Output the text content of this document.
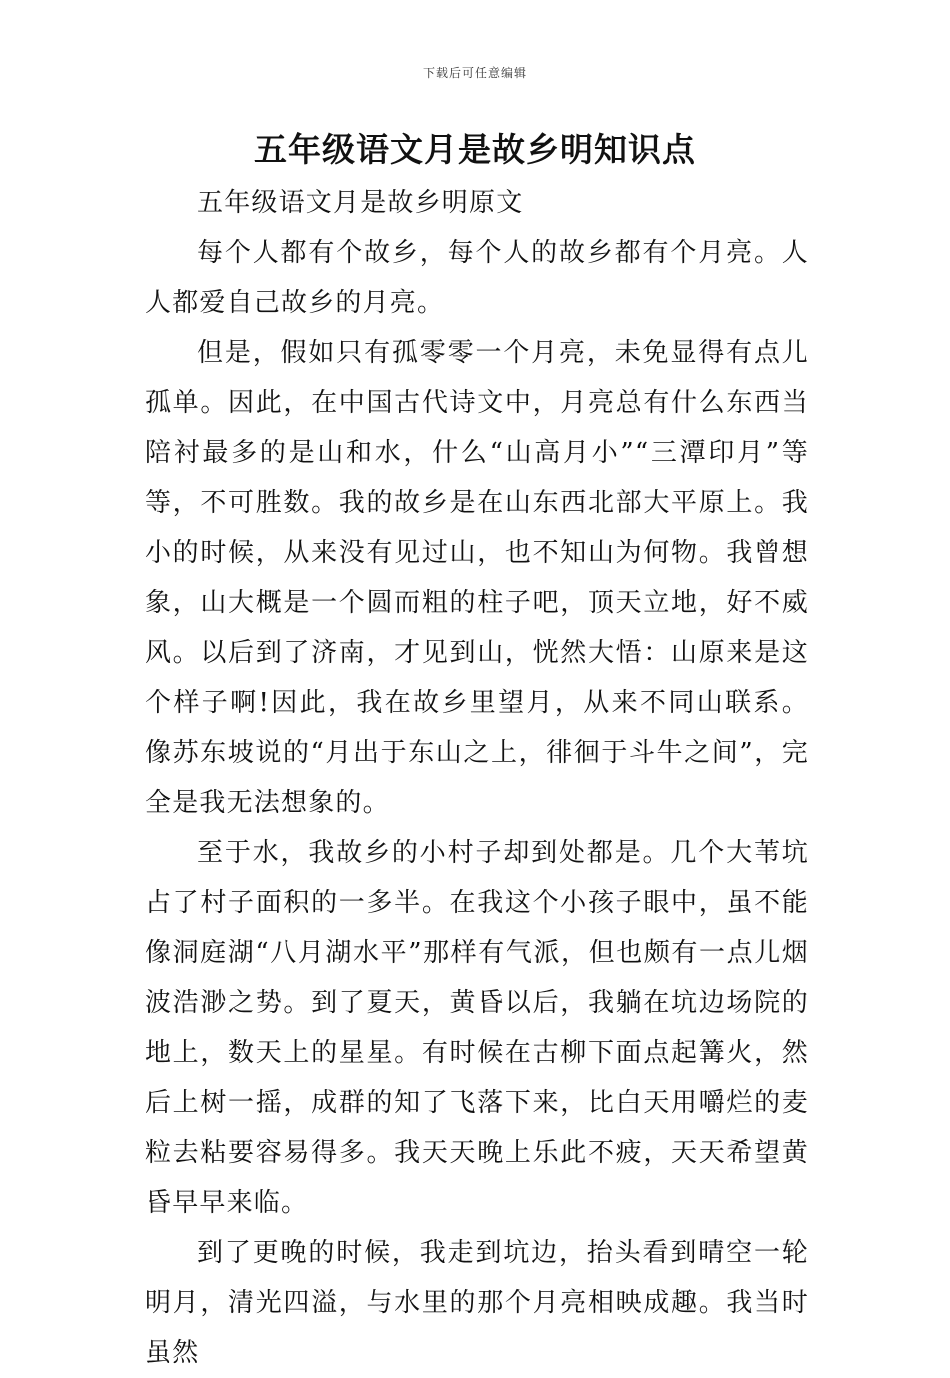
下载后可任意编辑
五年级语文月是故乡明知识点

五年级语文月是故乡明原文

每个人都有个故乡，每个人的故乡都有个月亮。人人都爱自己故乡的月亮。

但是，假如只有孤零零一个月亮，未免显得有点儿孤单。因此，在中国古代诗文中，月亮总有什么东西当陪衬最多的是山和水，什么“山高月小”“三潭印月”等等，不可胜数。我的故乡是在山东西北部大平原上。我小的时候，从来没有见过山，也不知山为何物。我曾想象，山大概是一个圆而粗的柱子吧，顶天立地，好不威风。以后到了济南，才见到山，恍然大悟：山原来是这个样子啊!因此，我在故乡里望月，从来不同山联系。像苏东坡说的“月出于东山之上，徘徊于斗牛之间”，完全是我无法想象的。

至于水，我故乡的小村子却到处都是。几个大苇坑占了村子面积的一多半。在我这个小孩子眼中，虽不能像洞庭湖“八月湖水平”那样有气派，但也颇有一点儿烟波浩渺之势。到了夏天，黄昏以后，我躺在坑边场院的地上，数天上的星星。有时候在古柳下面点起篝火，然后上树一摇，成群的知了飞落下来，比白天用嚼烂的麦粒去粘要容易得多。我天天晚上乐此不疲，天天希望黄昏早早来临。

到了更晚的时候，我走到坑边，抬头看到晴空一轮明月，清光四溢，与水里的那个月亮相映成趣。我当时虽然
